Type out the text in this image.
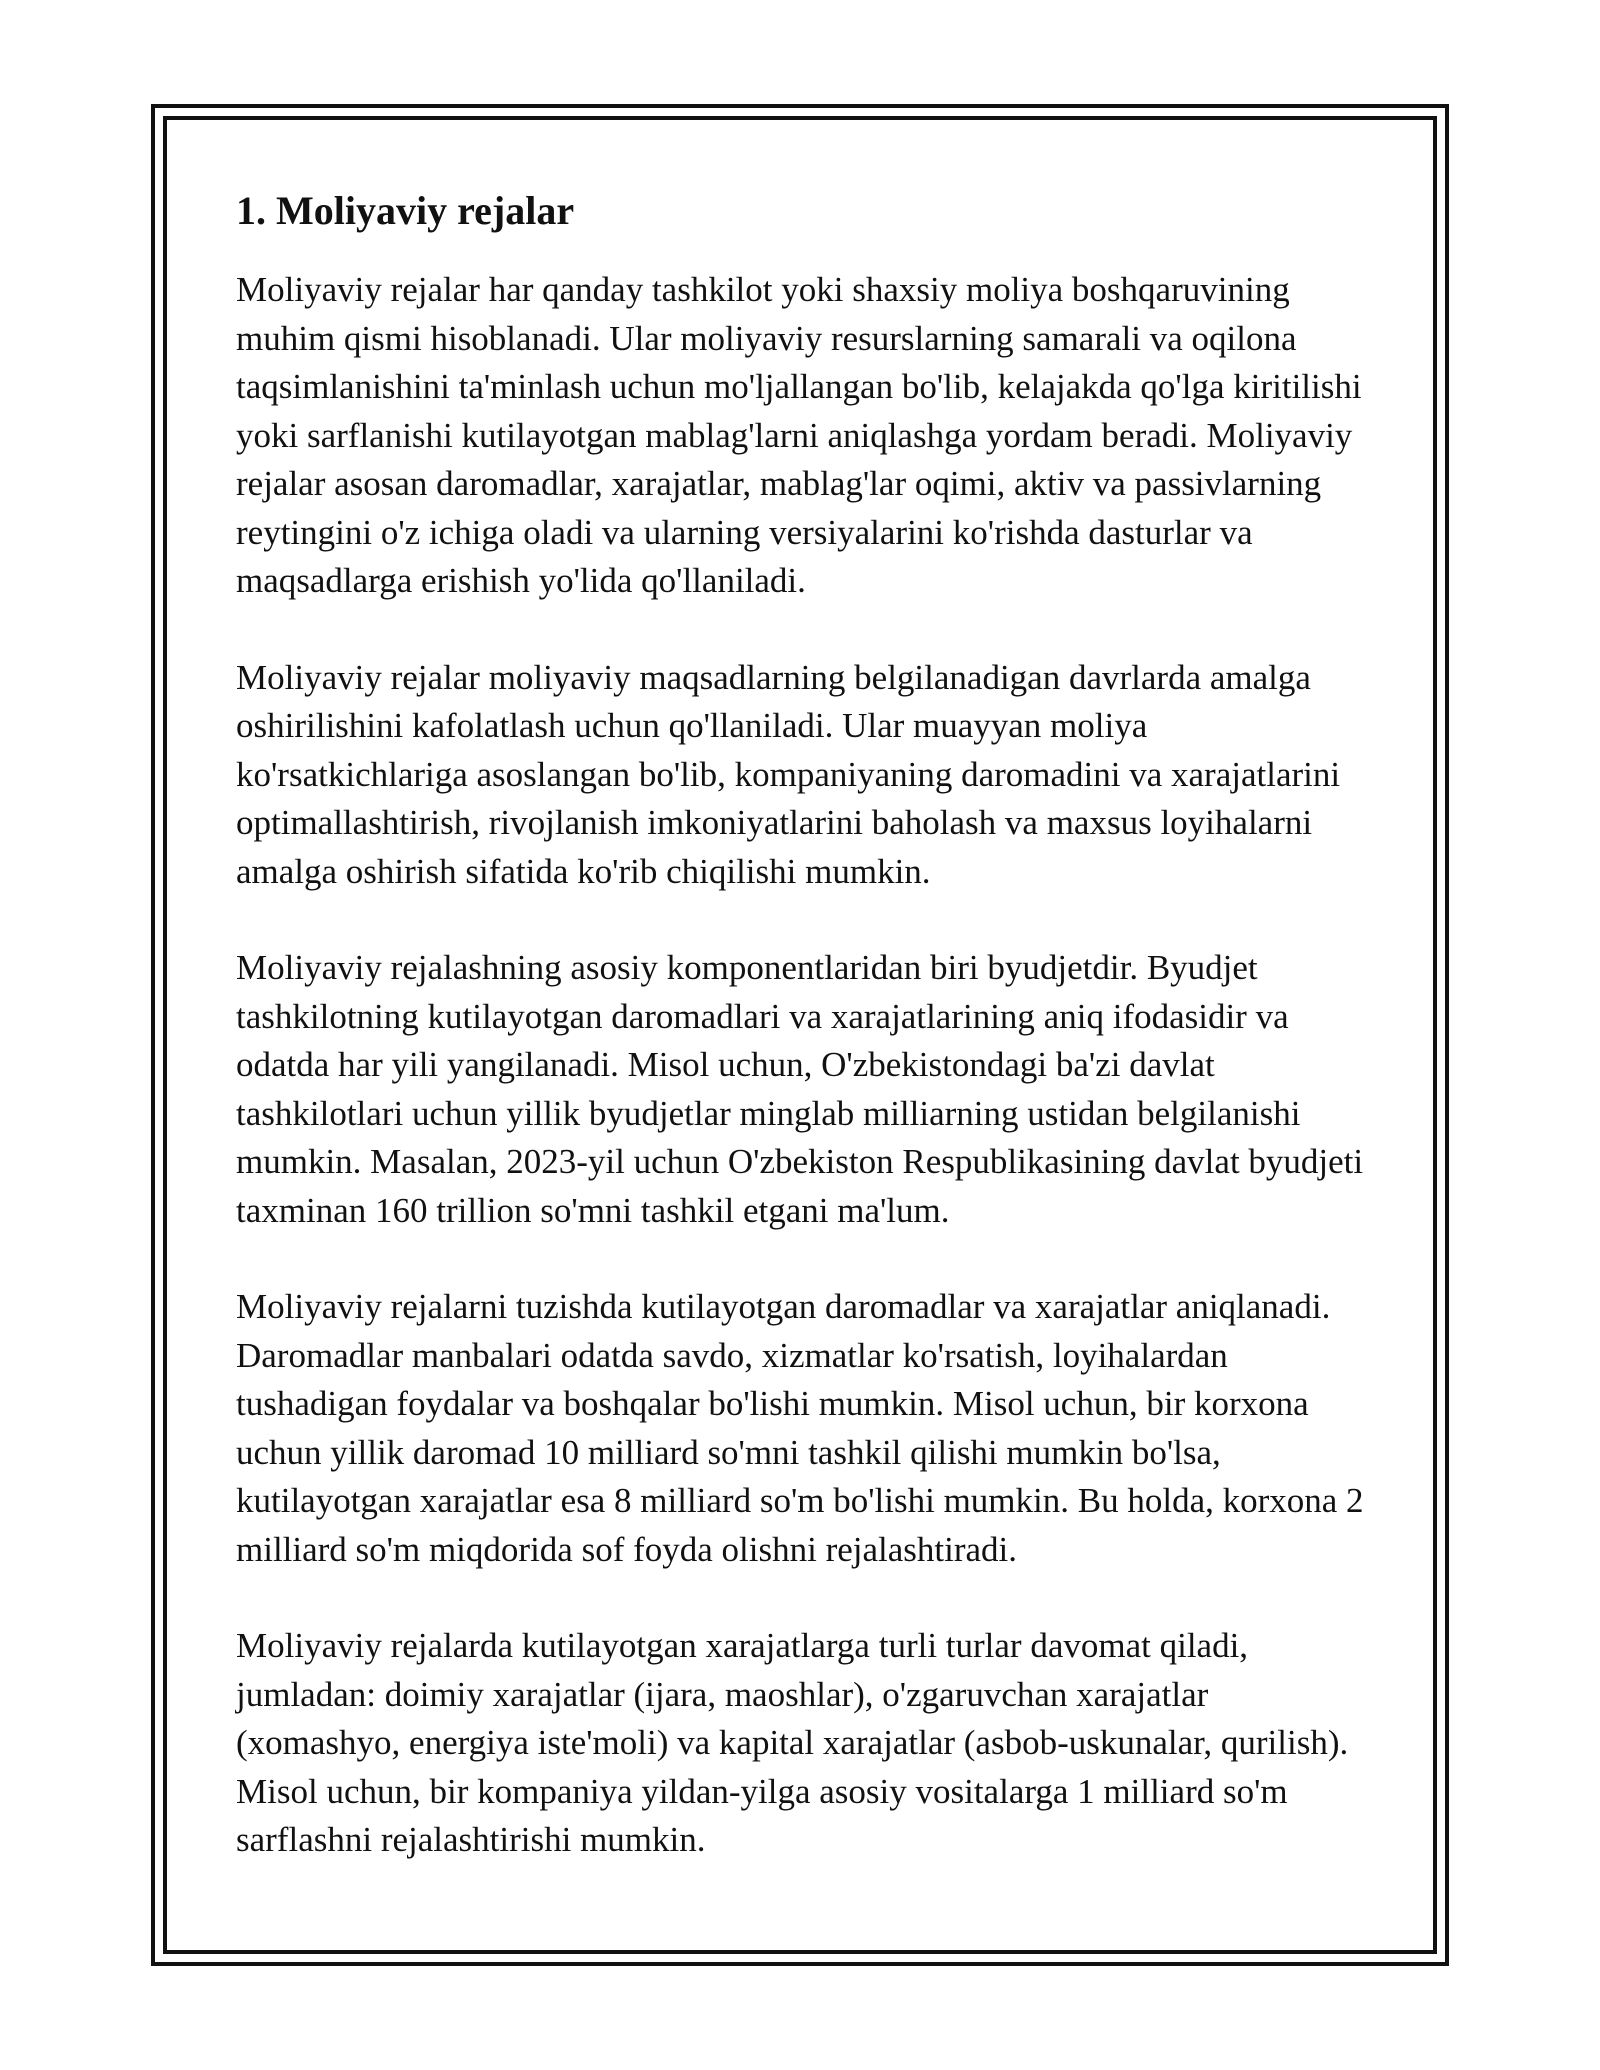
1. Moliyaviy rejalar

Moliyaviy rejalar har qanday tashkilot yoki shaxsiy moliya boshqaruvining muhim qismi hisoblanadi. Ular moliyaviy resurslarning samarali va oqilona taqsimlanishini ta'minlash uchun mo'ljallangan bo'lib, kelajakda qo'lga kiritilishi yoki sarflanishi kutilayotgan mablag'larni aniqlashga yordam beradi. Moliyaviy rejalar asosan daromadlar, xarajatlar, mablag'lar oqimi, aktiv va passivlarning reytingini o'z ichiga oladi va ularning versiyalarini ko'rishda dasturlar va maqsadlarga erishish yo'lida qo'llaniladi.

Moliyaviy rejalar moliyaviy maqsadlarning belgilanadigan davrlarda amalga oshirilishini kafolatlash uchun qo'llaniladi. Ular muayyan moliya ko'rsatkichlariga asoslangan bo'lib, kompaniyaning daromadini va xarajatlarini optimallashtirish, rivojlanish imkoniyatlarini baholash va maxsus loyihalarni amalga oshirish sifatida ko'rib chiqilishi mumkin.

Moliyaviy rejalashning asosiy komponentlaridan biri byudjetdir. Byudjet tashkilotning kutilayotgan daromadlari va xarajatlarining aniq ifodasidir va odatda har yili yangilanadi. Misol uchun, O'zbekistondagi ba'zi davlat tashkilotlari uchun yillik byudjetlar minglab milliarning ustidan belgilanishi mumkin. Masalan, 2023-yil uchun O'zbekiston Respublikasining davlat byudjeti taxminan 160 trillion so'mni tashkil etgani ma'lum.

Moliyaviy rejalarni tuzishda kutilayotgan daromadlar va xarajatlar aniqlanadi. Daromadlar manbalari odatda savdo, xizmatlar ko'rsatish, loyihalardan tushadigan foydalar va boshqalar bo'lishi mumkin. Misol uchun, bir korxona uchun yillik daromad 10 milliard so'mni tashkil qilishi mumkin bo'lsa, kutilayotgan xarajatlar esa 8 milliard so'm bo'lishi mumkin. Bu holda, korxona 2 milliard so'm miqdorida sof foyda olishni rejalashtiradi.

Moliyaviy rejalarda kutilayotgan xarajatlarga turli turlar davomat qiladi, jumladan: doimiy xarajatlar (ijara, maoshlar), o'zgaruvchan xarajatlar (xomashyo, energiya iste'moli) va kapital xarajatlar (asbob-uskunalar, qurilish). Misol uchun, bir kompaniya yildan-yilga asosiy vositalarga 1 milliard so'm sarflashni rejalashtirishi mumkin.
